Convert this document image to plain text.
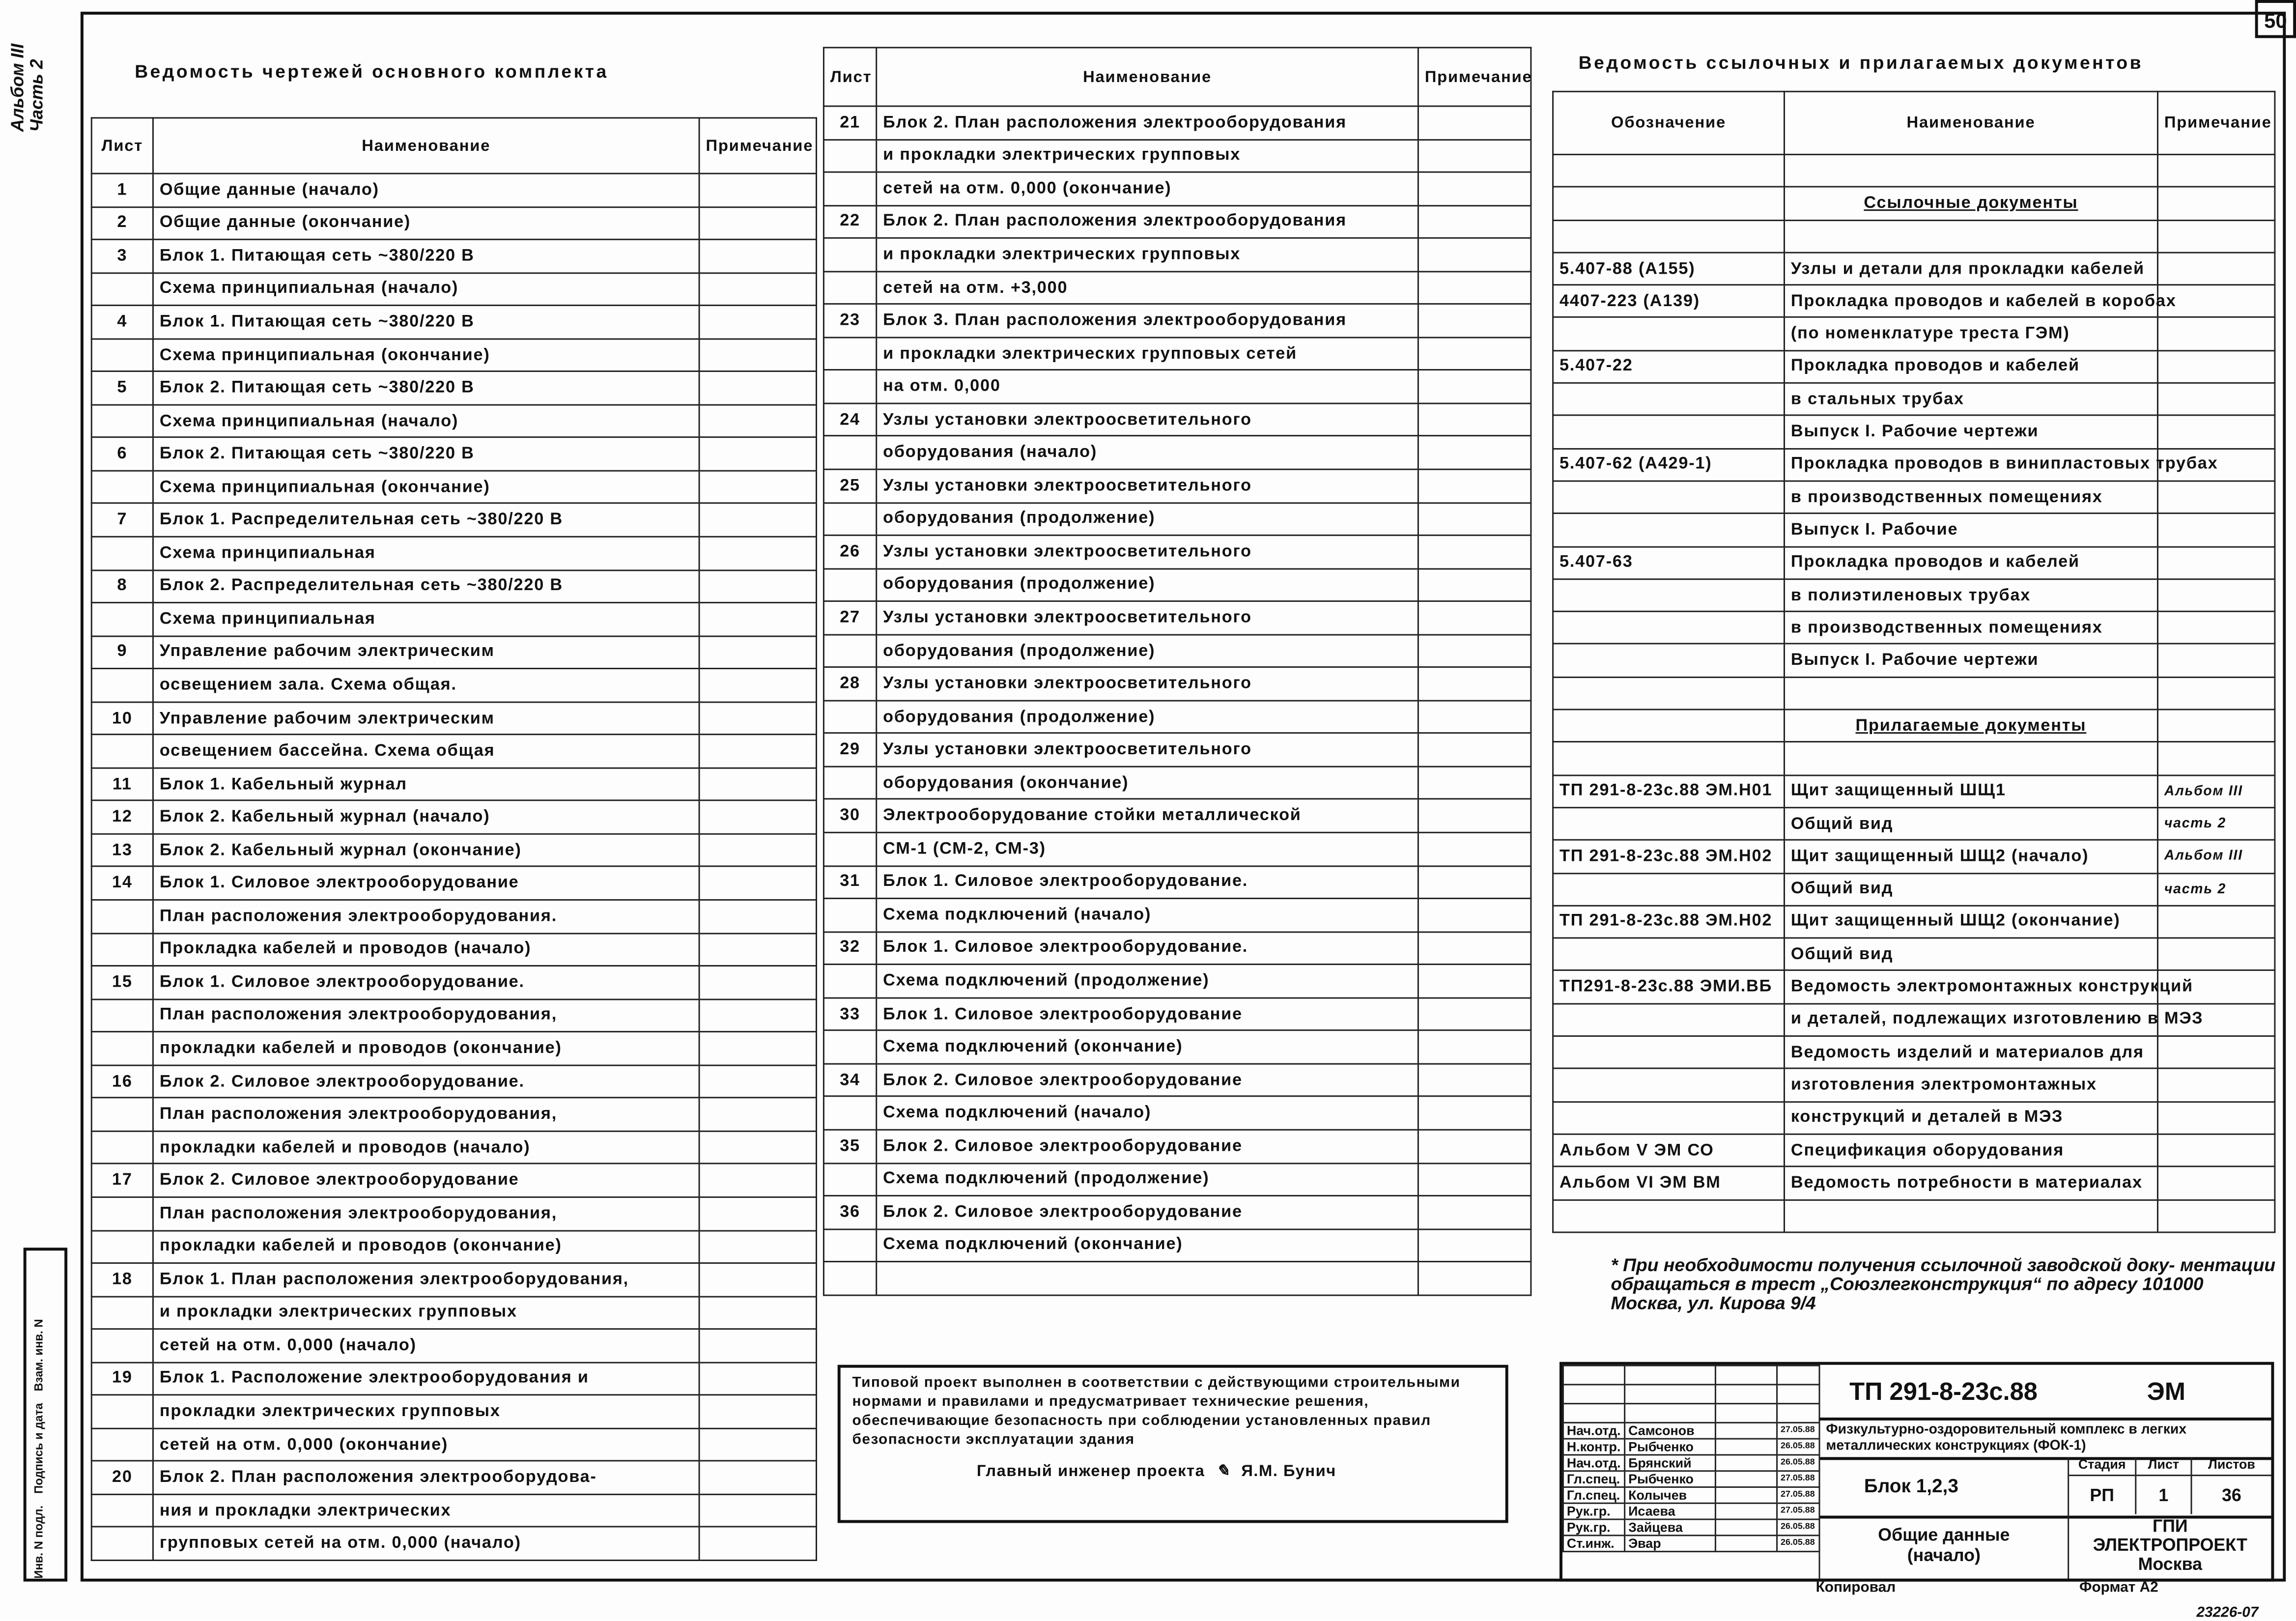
50
Альбом III
Часть 2
Инв. N подл.
Подпись и дата
Взам. инв. N
Ведомость чертежей основного комплекта
Лист	Наименование	Примечание
1	Общие данные (начало)	
2	Общие данные (окончание)	
3	Блок 1. Питающая сеть ~380/220 В	
	Схема принципиальная (начало)	
4	Блок 1. Питающая сеть ~380/220 В	
	Схема принципиальная (окончание)	
5	Блок 2. Питающая сеть ~380/220 В	
	Схема принципиальная (начало)	
6	Блок 2. Питающая сеть ~380/220 В	
	Схема принципиальная (окончание)	
7	Блок 1. Распределительная сеть ~380/220 В	
	Схема принципиальная	
8	Блок 2. Распределительная сеть ~380/220 В	
	Схема принципиальная	
9	Управление рабочим электрическим	
	освещением зала. Схема общая.	
10	Управление рабочим электрическим	
	освещением бассейна. Схема общая	
11	Блок 1. Кабельный журнал	
12	Блок 2. Кабельный журнал (начало)	
13	Блок 2. Кабельный журнал (окончание)	
14	Блок 1. Силовое электрооборудование	
	План расположения электрооборудования.	
	Прокладка кабелей и проводов (начало)	
15	Блок 1. Силовое электрооборудование.	
	План расположения электрооборудования,	
	прокладки кабелей и проводов (окончание)	
16	Блок 2. Силовое электрооборудование.	
	План расположения электрооборудования,	
	прокладки кабелей и проводов (начало)	
17	Блок 2. Силовое электрооборудование	
	План расположения электрооборудования,	
	прокладки кабелей и проводов (окончание)	
18	Блок 1. План расположения электрооборудования,	
	и прокладки электрических групповых	
	сетей на отм. 0,000 (начало)	
19	Блок 1. Расположение электрооборудования и	
	прокладки электрических групповых	
	сетей на отм. 0,000 (окончание)	
20	Блок 2. План расположения электрооборудова-	
	ния и прокладки электрических	
	групповых сетей на отм. 0,000 (начало)	
Лист	Наименование	Примечание
21	Блок 2. План расположения электрооборудования	
	и прокладки электрических групповых	
	сетей на отм. 0,000 (окончание)	
22	Блок 2. План расположения электрооборудования	
	и прокладки электрических групповых	
	сетей на отм. +3,000	
23	Блок 3. План расположения электрооборудования	
	и прокладки электрических групповых сетей	
	на отм. 0,000	
24	Узлы установки электроосветительного	
	оборудования (начало)	
25	Узлы установки электроосветительного	
	оборудования (продолжение)	
26	Узлы установки электроосветительного	
	оборудования (продолжение)	
27	Узлы установки электроосветительного	
	оборудования (продолжение)	
28	Узлы установки электроосветительного	
	оборудования (продолжение)	
29	Узлы установки электроосветительного	
	оборудования (окончание)	
30	Электрооборудование стойки металлической	
	СМ-1 (СМ-2, СМ-3)	
31	Блок 1. Силовое электрооборудование.	
	Схема подключений (начало)	
32	Блок 1. Силовое электрооборудование.	
	Схема подключений (продолжение)	
33	Блок 1. Силовое электрооборудование	
	Схема подключений (окончание)	
34	Блок 2. Силовое электрооборудование	
	Схема подключений (начало)	
35	Блок 2. Силовое электрооборудование	
	Схема подключений (продолжение)	
36	Блок 2. Силовое электрооборудование	
	Схема подключений (окончание)	

Ведомость ссылочных и прилагаемых документов
Обозначение	Наименование	Примечание

	Ссылочные документы	

5.407-88 (А155)	Узлы и детали для прокладки кабелей	
4407-223 (А139)	Прокладка проводов и кабелей в коробах	
	(по номенклатуре треста ГЭМ)	
5.407-22	Прокладка проводов и кабелей	
	в стальных трубах	
	Выпуск I. Рабочие чертежи	
5.407-62 (А429-1)	Прокладка проводов в винипластовых трубах	
	в производственных помещениях	
	Выпуск I. Рабочие	
5.407-63	Прокладка проводов и кабелей	
	в полиэтиленовых трубах	
	в производственных помещениях	
	Выпуск I. Рабочие чертежи	

	Прилагаемые документы	

ТП 291-8-23с.88 ЭМ.Н01	Щит защищенный ШЩ1	Альбом III
	Общий вид	часть 2
ТП 291-8-23с.88 ЭМ.Н02	Щит защищенный ШЩ2 (начало)	Альбом III
	Общий вид	часть 2
ТП 291-8-23с.88 ЭМ.Н02	Щит защищенный ШЩ2 (окончание)	
	Общий вид	
ТП291-8-23с.88 ЭМИ.ВБ	Ведомость электромонтажных конструкций	
	и деталей, подлежащих изготовлению в МЭЗ	
	Ведомость изделий и материалов для	
	изготовления электромонтажных	
	конструкций и деталей в МЭЗ	
Альбом V ЭМ СО	Спецификация оборудования	
Альбом VI ЭМ ВМ	Ведомость потребности в материалах	

* При необходимости получения ссылочной заводской доку- ментации обращаться в трест „Союзлегконструкция“ по адресу 101000 Москва, ул. Кирова 9/4
Типовой проект выполнен в соответствии с действующими строительными нормами и правилами и предусматривает технические решения, обеспечивающие безопасность при соблюдении установленных правил безопасности эксплуатации здания
Главный инженер проекта ✎ Я.М. Бунич

Нач.отд.	Самсонов		27.05.88
Н.контр.	Рыбченко		26.05.88
Нач.отд.	Брянский		26.05.88
Гл.спец.	Рыбченко		27.05.88
Гл.спец.	Колычев		27.05.88
Рук.гр.	Исаева		27.05.88
Рук.гр.	Зайцева		26.05.88
Ст.инж.	Эвар		26.05.88
ТП 291-8-23с.88	ЭМ
Физкультурно-оздоровительный комплекс в легких металлических конструкциях (ФОК-1)
Блок 1,2,3
Стадия	Лист	Листов
РП	1	36
Общие данные
(начало)
ГПИ
ЭЛЕКТРОПРОЕКТ
Москва
Копировал	Формат А2
23226-07
